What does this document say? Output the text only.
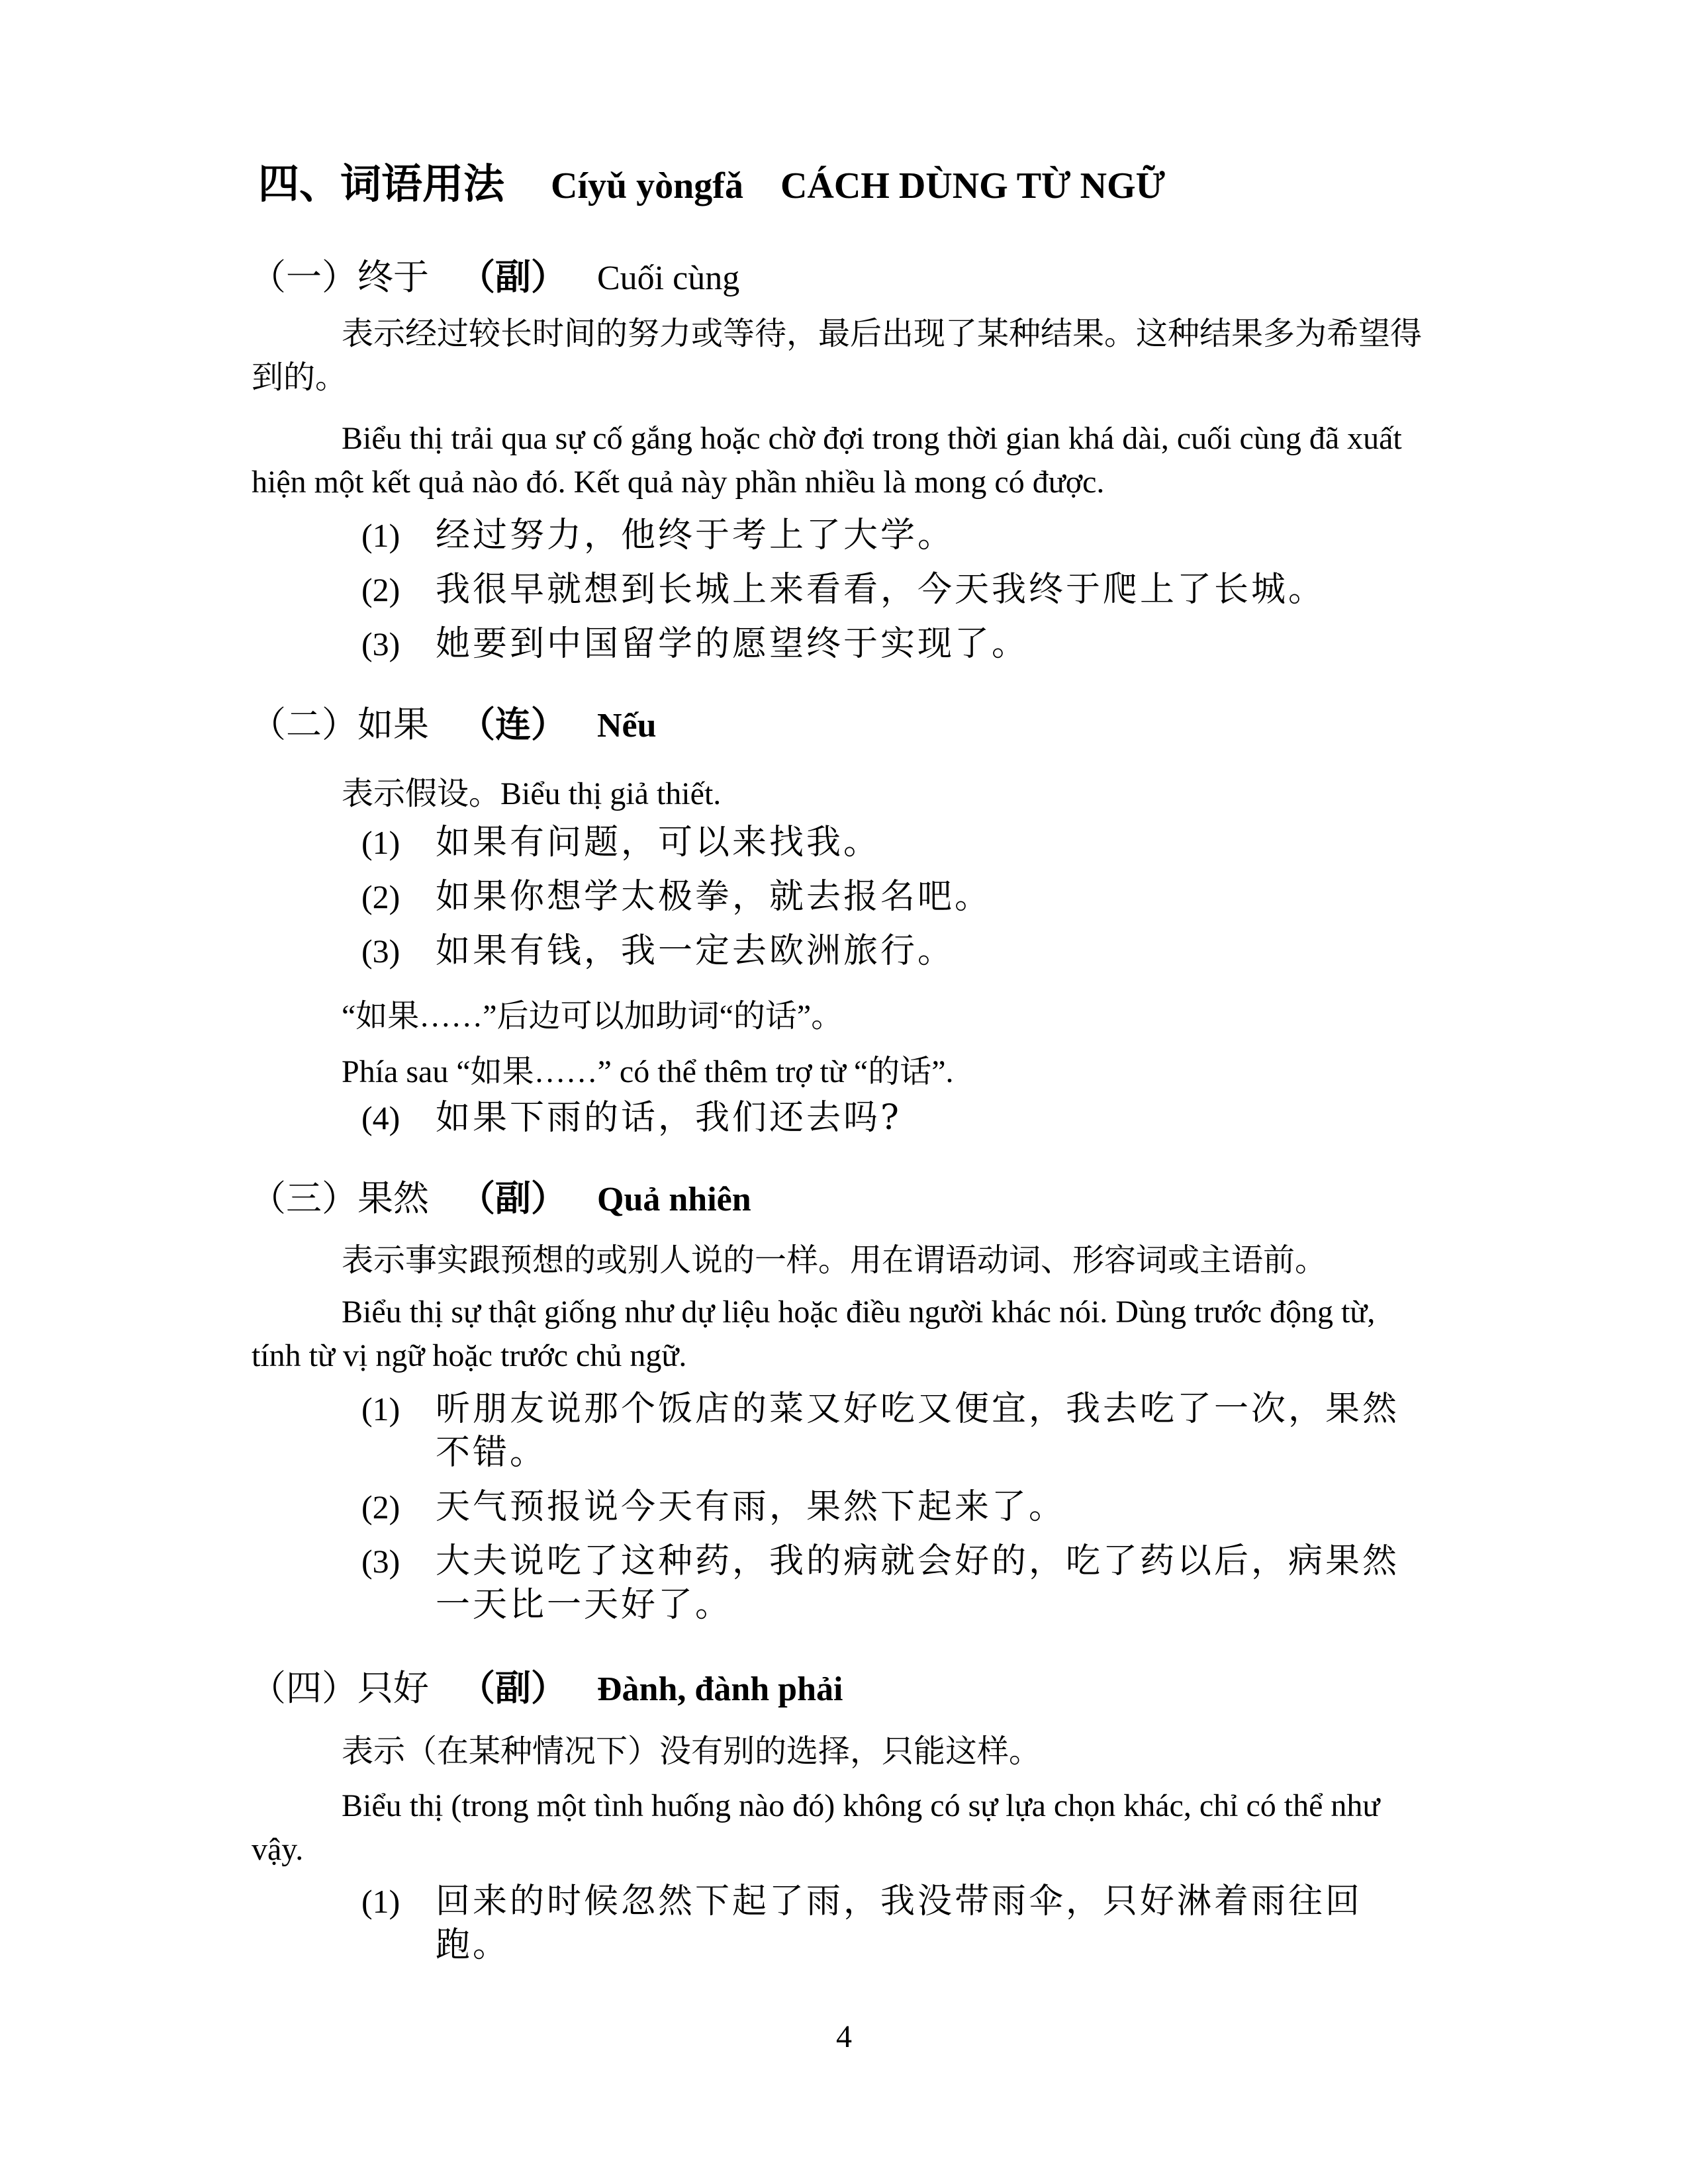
四、词语用法 Cíyǔ yòngfǎ CÁCH DÙNG TỪ NGỮ
（一）终于 （副） Cuối cùng

表示经过较长时间的努力或等待，最后出现了某种结果。这种结果多为希望得到的。

Biểu thị trải qua sự cố gắng hoặc chờ đợi trong thời gian khá dài, cuối cùng đã xuất hiện một kết quả nào đó. Kết quả này phần nhiều là mong có được.

(1)	经过努力，他终于考上了大学。
(2)	我很早就想到长城上来看看，今天我终于爬上了长城。
(3)	她要到中国留学的愿望终于实现了。
（二）如果 （连） Nếu
表示假设。Biểu thị giả thiết.
(1)	如果有问题，可以来找我。
(2)	如果你想学太极拳，就去报名吧。
(3)	如果有钱，我一定去欧洲旅行。
“如果……”后边可以加助词“的话”。
Phía sau “如果……” có thể thêm trợ từ “的话”.
(4)	如果下雨的话，我们还去吗?
（三）果然 （副） Quả nhiên

表示事实跟预想的或别人说的一样。用在谓语动词、形容词或主语前。

Biểu thị sự thật giống như dự liệu hoặc điều người khác nói. Dùng trước động từ, tính từ vị ngữ hoặc trước chủ ngữ.

(1)	听朋友说那个饭店的菜又好吃又便宜，我去吃了一次，果然不错。
(2)	天气预报说今天有雨，果然下起来了。
(3)	大夫说吃了这种药，我的病就会好的，吃了药以后，病果然一天比一天好了。
（四）只好 （副） Đành, đành phải

表示（在某种情况下）没有别的选择，只能这样。

Biểu thị (trong một tình huống nào đó) không có sự lựa chọn khác, chỉ có thể như vậy.

(1)	回来的时候忽然下起了雨，我没带雨伞，只好淋着雨往回跑。
4
